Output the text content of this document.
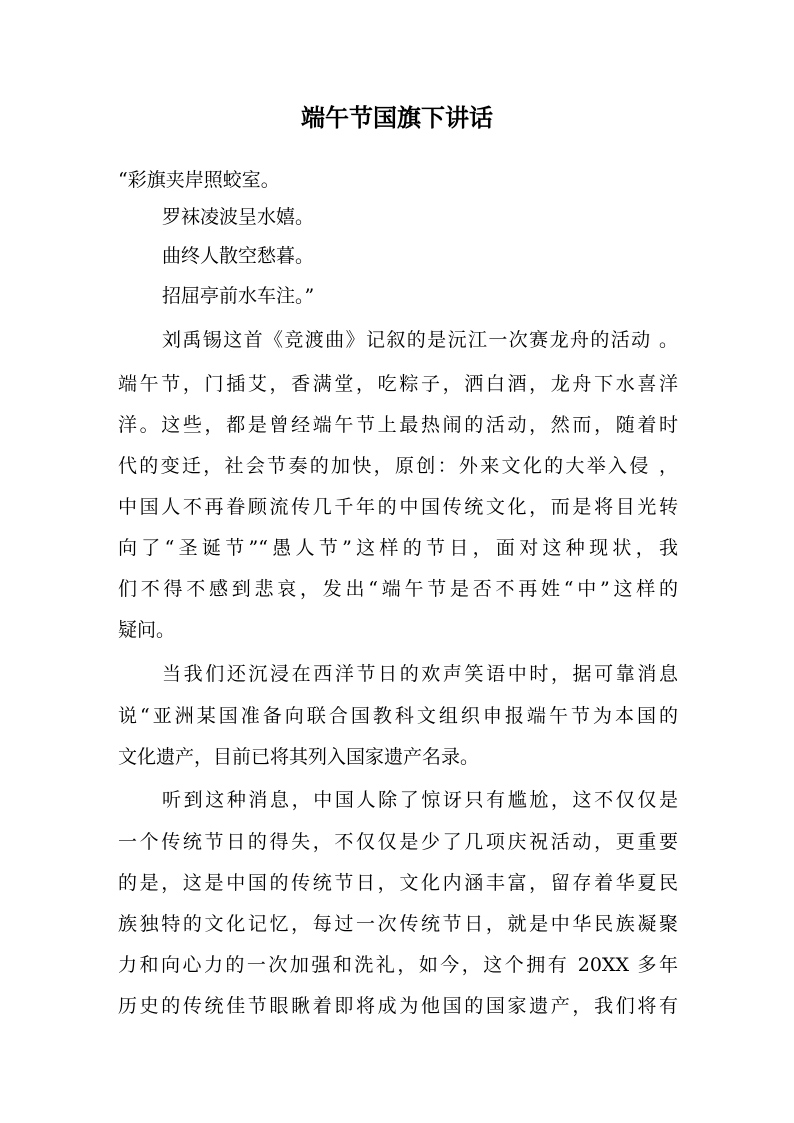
端午节国旗下讲话

“彩旗夹岸照蛟室。

罗袜凌波呈水嬉。

曲终人散空愁暮。

招屈亭前水车注。”

刘禹锡这首《竞渡曲》记叙的是沅江一次赛龙舟的活动 。

端午节，门插艾，香满堂，吃粽子，洒白酒，龙舟下水喜洋

洋。这些，都是曾经端午节上最热闹的活动，然而，随着时

代的变迁，社会节奏的加快，原创：外来文化的大举入侵 ，

中国人不再眷顾流传几千年的中国传统文化，而是将目光转

向了“圣诞节”“愚人节”这样的节日，面对这种现状，我

们不得不感到悲哀，发出“端午节是否不再姓“中”这样的

疑问。

当我们还沉浸在西洋节日的欢声笑语中时，据可靠消息

说“亚洲某国准备向联合国教科文组织申报端午节为本国的

文化遗产，目前已将其列入国家遗产名录。

听到这种消息，中国人除了惊讶只有尴尬，这不仅仅是

一个传统节日的得失，不仅仅是少了几项庆祝活动，更重要

的是，这是中国的传统节日，文化内涵丰富，留存着华夏民

族独特的文化记忆，每过一次传统节日，就是中华民族凝聚

力和向心力的一次加强和洗礼，如今，这个拥有 20XX 多年

历史的传统佳节眼瞅着即将成为他国的国家遗产，我们将有
